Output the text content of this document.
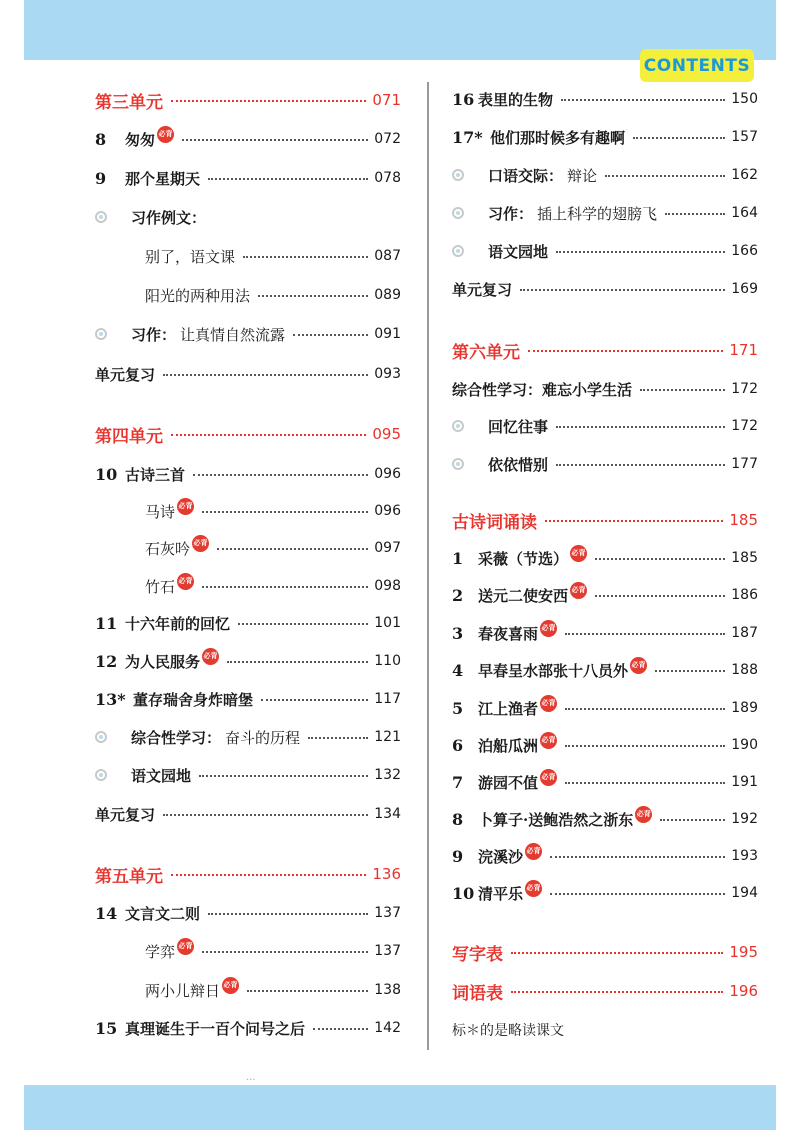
CONTENTS
第三单元	071
8	匆匆 必背	072
9	那个星期天	078
习作例文：
别了，语文课	087
阳光的两种用法	089
习作： 让真情自然流露	091
单元复习	093
第四单元	095
10 古诗三首	096
马诗 必背	096
石灰吟 必背	097
竹石 必背	098
11 十六年前的回忆	101
12 为人民服务 必背	110
13* 董存瑞舍身炸暗堡	117
综合性学习： 奋斗的历程	121
语文园地	132
单元复习	134
第五单元	136
14 文言文二则	137
学弈 必背	137
两小儿辩日 必背	138
15 真理诞生于一百个问号之后	142
16 表里的生物	150
17* 他们那时候多有趣啊	157
口语交际： 辩论	162
习作： 插上科学的翅膀飞	164
语文园地	166
单元复习	169
第六单元	171
综合性学习：难忘小学生活	172
回忆往事	172
依依惜别	177
古诗词诵读	185
1 采薇（节选） 必背	185
2 送元二使安西 必背	186
3 春夜喜雨 必背	187
4 早春呈水部张十八员外 必背	188
5 江上渔者 必背	189
6 泊船瓜洲 必背	190
7 游园不值 必背	191
8 卜算子·送鲍浩然之浙东 必背	192
9 浣溪沙 必背	193
10 清平乐 必背	194
写字表	195
词语表	196
标＊的是略读课文
...
